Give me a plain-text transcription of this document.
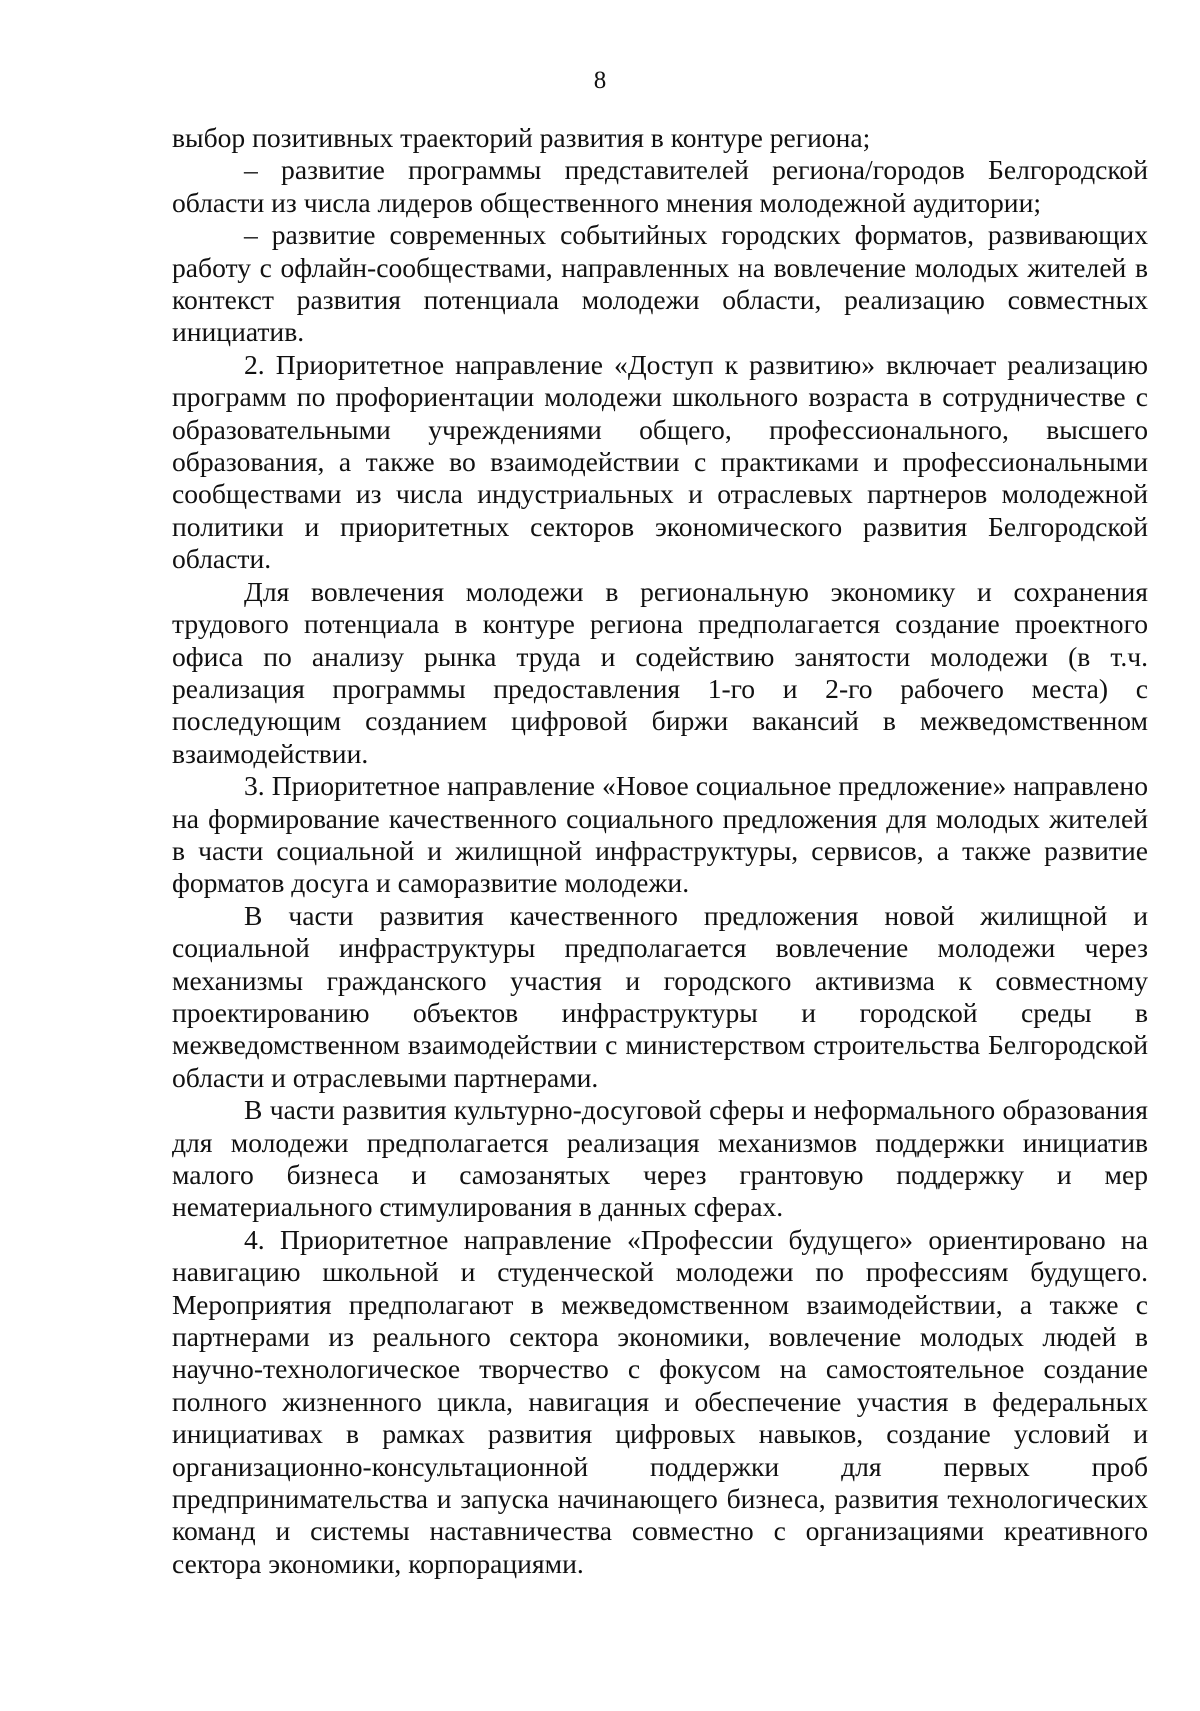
8

выбор позитивных траекторий развития в контуре региона;

– развитие программы представителей региона/городов Белгородской области из числа лидеров общественного мнения молодежной аудитории;

– развитие современных событийных городских форматов, развивающих работу с офлайн-сообществами, направленных на вовлечение молодых жителей в контекст развития потенциала молодежи области, реализацию совместных инициатив.

2. Приоритетное направление «Доступ к развитию» включает реализацию программ по профориентации молодежи школьного возраста в сотрудничестве с образовательными учреждениями общего, профессионального, высшего образования, а также во взаимодействии с практиками и профессиональными сообществами из числа индустриальных и отраслевых партнеров молодежной политики и приоритетных секторов экономического развития Белгородской области.

Для вовлечения молодежи в региональную экономику и сохранения трудового потенциала в контуре региона предполагается создание проектного офиса по анализу рынка труда и содействию занятости молодежи (в т.ч. реализация программы предоставления 1-го и 2-го рабочего места) с последующим созданием цифровой биржи вакансий в межведомственном взаимодействии.

3. Приоритетное направление «Новое социальное предложение» направлено на формирование качественного социального предложения для молодых жителей в части социальной и жилищной инфраструктуры, сервисов, а также развитие форматов досуга и саморазвитие молодежи.

В части развития качественного предложения новой жилищной и социальной инфраструктуры предполагается вовлечение молодежи через механизмы гражданского участия и городского активизма к совместному проектированию объектов инфраструктуры и городской среды в межведомственном взаимодействии с министерством строительства Белгородской области и отраслевыми партнерами.

В части развития культурно-досуговой сферы и неформального образования для молодежи предполагается реализация механизмов поддержки инициатив малого бизнеса и самозанятых через грантовую поддержку и мер нематериального стимулирования в данных сферах.

4. Приоритетное направление «Профессии будущего» ориентировано на навигацию школьной и студенческой молодежи по профессиям будущего. Мероприятия предполагают в межведомственном взаимодействии, а также с партнерами из реального сектора экономики, вовлечение молодых людей в научно-технологическое творчество с фокусом на самостоятельное создание полного жизненного цикла, навигация и обеспечение участия в федеральных инициативах в рамках развития цифровых навыков, создание условий и организационно-консультационной поддержки для первых проб предпринимательства и запуска начинающего бизнеса, развития технологических команд и системы наставничества совместно с организациями креативного сектора экономики, корпорациями.
